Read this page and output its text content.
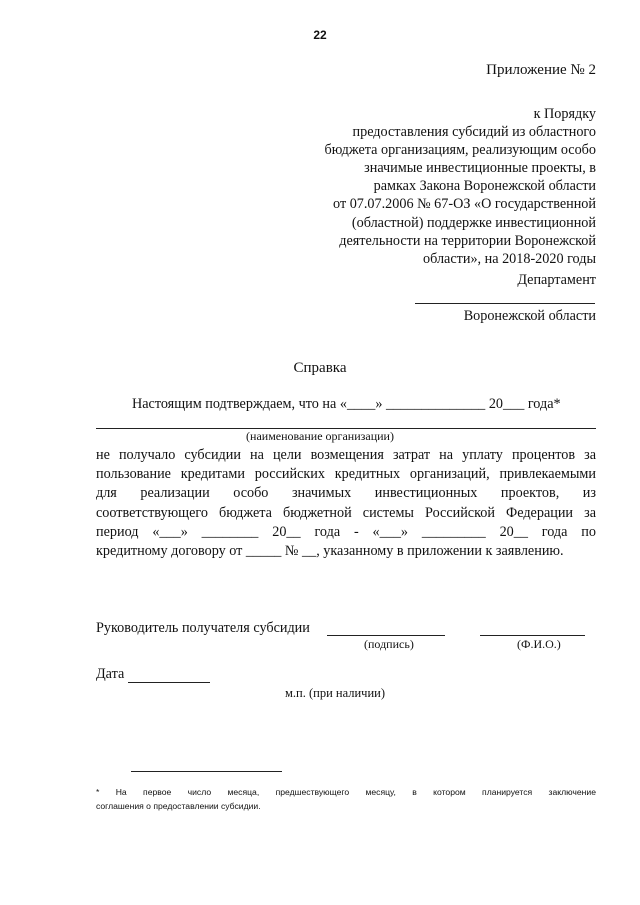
22
Приложение № 2
к Порядку
предоставления субсидий из областного
бюджета организациям, реализующим особо
значимые инвестиционные проекты, в
рамках Закона Воронежской области
от 07.07.2006 № 67-ОЗ «О государственной
(областной) поддержке инвестиционной
деятельности на территории Воронежской
области», на 2018-2020 годы
Департамент
Воронежской области
Справка
Настоящим подтверждаем, что на «____» ______________ 20___ года*
(наименование организации)
не получало субсидии на цели возмещения затрат на уплату процентов за
пользование кредитами российских кредитных организаций, привлекаемыми
для реализации особо значимых инвестиционных проектов, из
соответствующего бюджета бюджетной системы Российской Федерации за
период «___» ________ 20__ года - «___» _________ 20__ года по
кредитному договору от _____ № __, указанному в приложении к заявлению.
Руководитель получателя субсидии
(подпись)	(Ф.И.О.)
Дата
м.п. (при наличии)
* На первое число месяца, предшествующего месяцу, в котором планируется заключение
соглашения о предоставлении субсидии.
